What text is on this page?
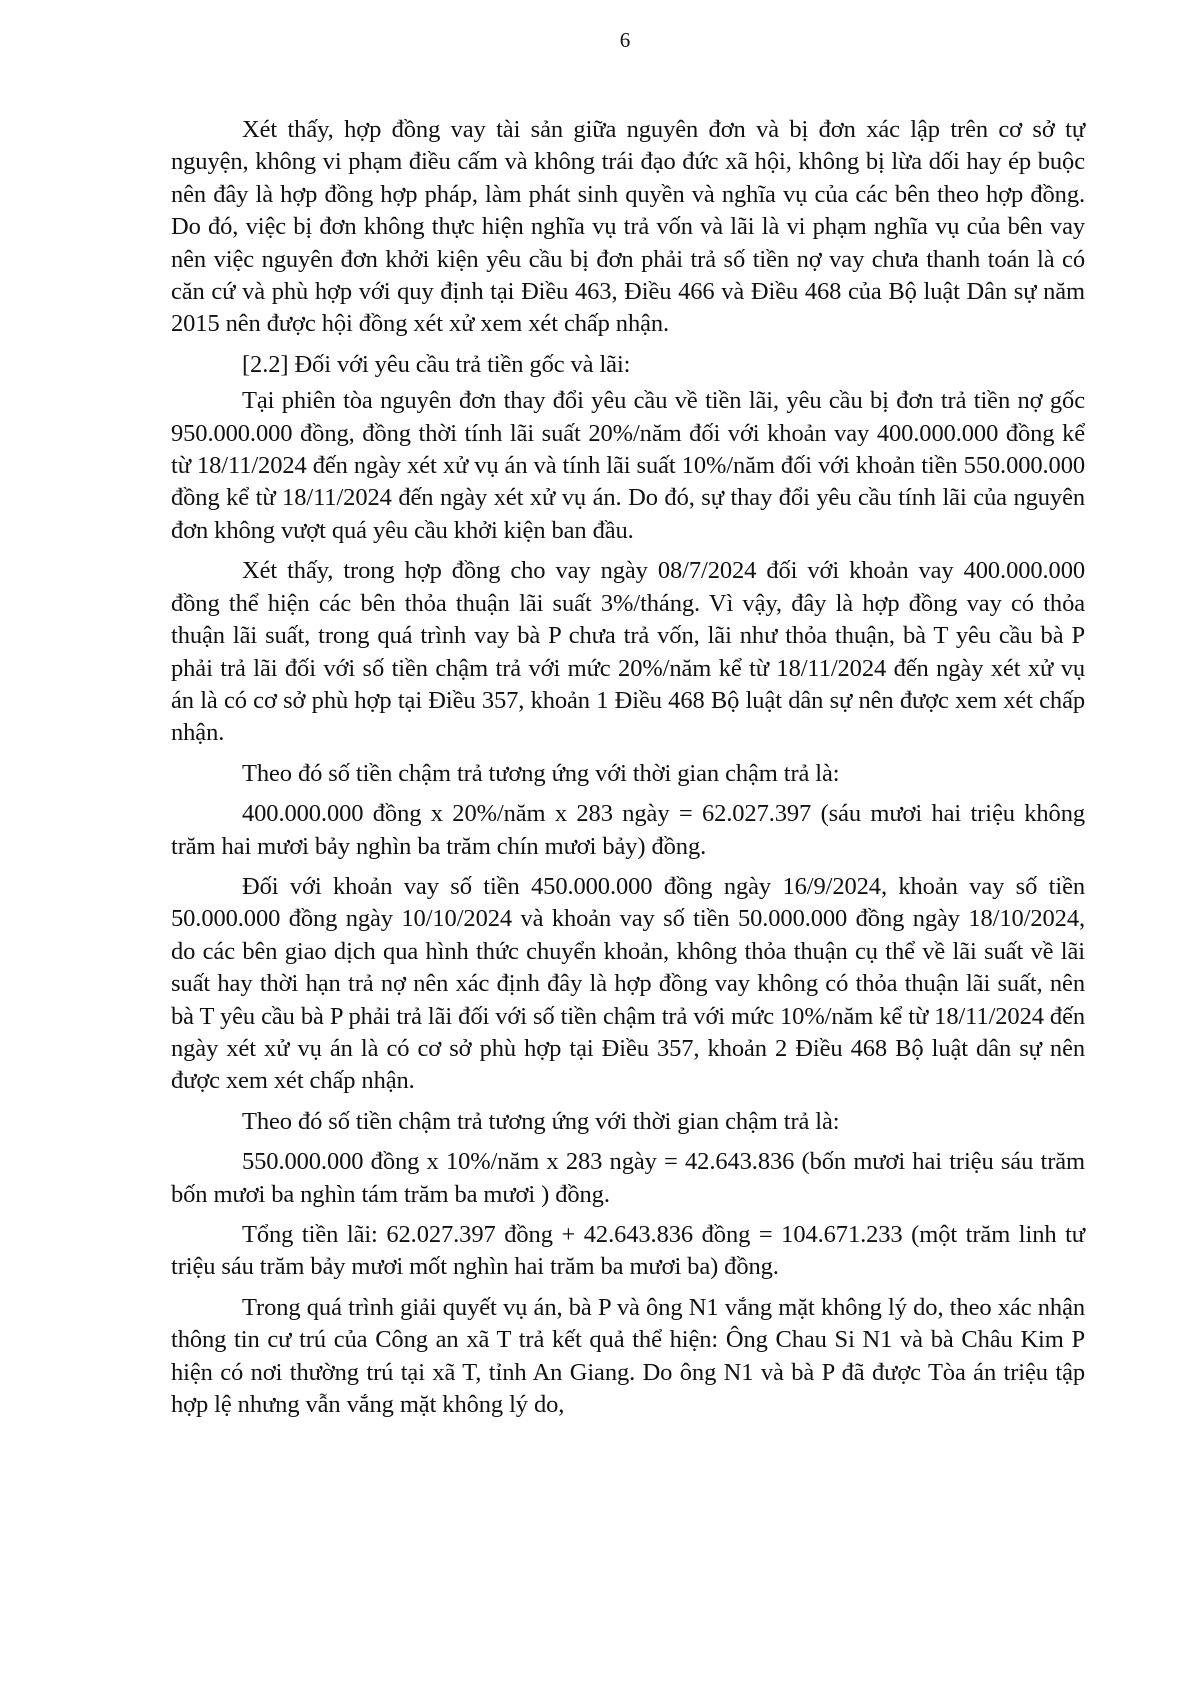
6

Xét thấy, hợp đồng vay tài sản giữa nguyên đơn và bị đơn xác lập trên cơ sở tự nguyện, không vi phạm điều cấm và không trái đạo đức xã hội, không bị lừa dối hay ép buộc nên đây là hợp đồng hợp pháp, làm phát sinh quyền và nghĩa vụ của các bên theo hợp đồng. Do đó, việc bị đơn không thực hiện nghĩa vụ trả vốn và lãi là vi phạm nghĩa vụ của bên vay nên việc nguyên đơn khởi kiện yêu cầu bị đơn phải trả số tiền nợ vay chưa thanh toán là có căn cứ và phù hợp với quy định tại Điều 463, Điều 466 và Điều 468 của Bộ luật Dân sự năm 2015 nên được hội đồng xét xử xem xét chấp nhận.

[2.2] Đối với yêu cầu trả tiền gốc và lãi:

Tại phiên tòa nguyên đơn thay đổi yêu cầu về tiền lãi, yêu cầu bị đơn trả tiền nợ gốc 950.000.000 đồng, đồng thời tính lãi suất 20%/năm đối với khoản vay 400.000.000 đồng kể từ 18/11/2024 đến ngày xét xử vụ án và tính lãi suất 10%/năm đối với khoản tiền 550.000.000 đồng kể từ 18/11/2024 đến ngày xét xử vụ án. Do đó, sự thay đổi yêu cầu tính lãi của nguyên đơn không vượt quá yêu cầu khởi kiện ban đầu.

Xét thấy, trong hợp đồng cho vay ngày 08/7/2024 đối với khoản vay 400.000.000 đồng thể hiện các bên thỏa thuận lãi suất 3%/tháng. Vì vậy, đây là hợp đồng vay có thỏa thuận lãi suất, trong quá trình vay bà P chưa trả vốn, lãi như thỏa thuận, bà T yêu cầu bà P phải trả lãi đối với số tiền chậm trả với mức 20%/năm kể từ 18/11/2024 đến ngày xét xử vụ án là có cơ sở phù hợp tại Điều 357, khoản 1 Điều 468 Bộ luật dân sự nên được xem xét chấp nhận.

Theo đó số tiền chậm trả tương ứng với thời gian chậm trả là:

400.000.000 đồng x 20%/năm x 283 ngày = 62.027.397 (sáu mươi hai triệu không trăm hai mươi bảy nghìn ba trăm chín mươi bảy) đồng.

Đối với khoản vay số tiền 450.000.000 đồng ngày 16/9/2024, khoản vay số tiền 50.000.000 đồng ngày 10/10/2024 và khoản vay số tiền 50.000.000 đồng ngày 18/10/2024, do các bên giao dịch qua hình thức chuyển khoản, không thỏa thuận cụ thể về lãi suất về lãi suất hay thời hạn trả nợ nên xác định đây là hợp đồng vay không có thỏa thuận lãi suất, nên bà T yêu cầu bà P phải trả lãi đối với số tiền chậm trả với mức 10%/năm kể từ 18/11/2024 đến ngày xét xử vụ án là có cơ sở phù hợp tại Điều 357, khoản 2 Điều 468 Bộ luật dân sự nên được xem xét chấp nhận.

Theo đó số tiền chậm trả tương ứng với thời gian chậm trả là:

550.000.000 đồng x 10%/năm x 283 ngày = 42.643.836 (bốn mươi hai triệu sáu trăm bốn mươi ba nghìn tám trăm ba mươi ) đồng.

Tổng tiền lãi: 62.027.397 đồng + 42.643.836 đồng = 104.671.233 (một trăm linh tư triệu sáu trăm bảy mươi mốt nghìn hai trăm ba mươi ba) đồng.

Trong quá trình giải quyết vụ án, bà P và ông N1 vắng mặt không lý do, theo xác nhận thông tin cư trú của Công an xã T trả kết quả thể hiện: Ông Chau Si N1 và bà Châu Kim P hiện có nơi thường trú tại xã T, tỉnh An Giang. Do ông N1 và bà P đã được Tòa án triệu tập hợp lệ nhưng vẫn vắng mặt không lý do,
